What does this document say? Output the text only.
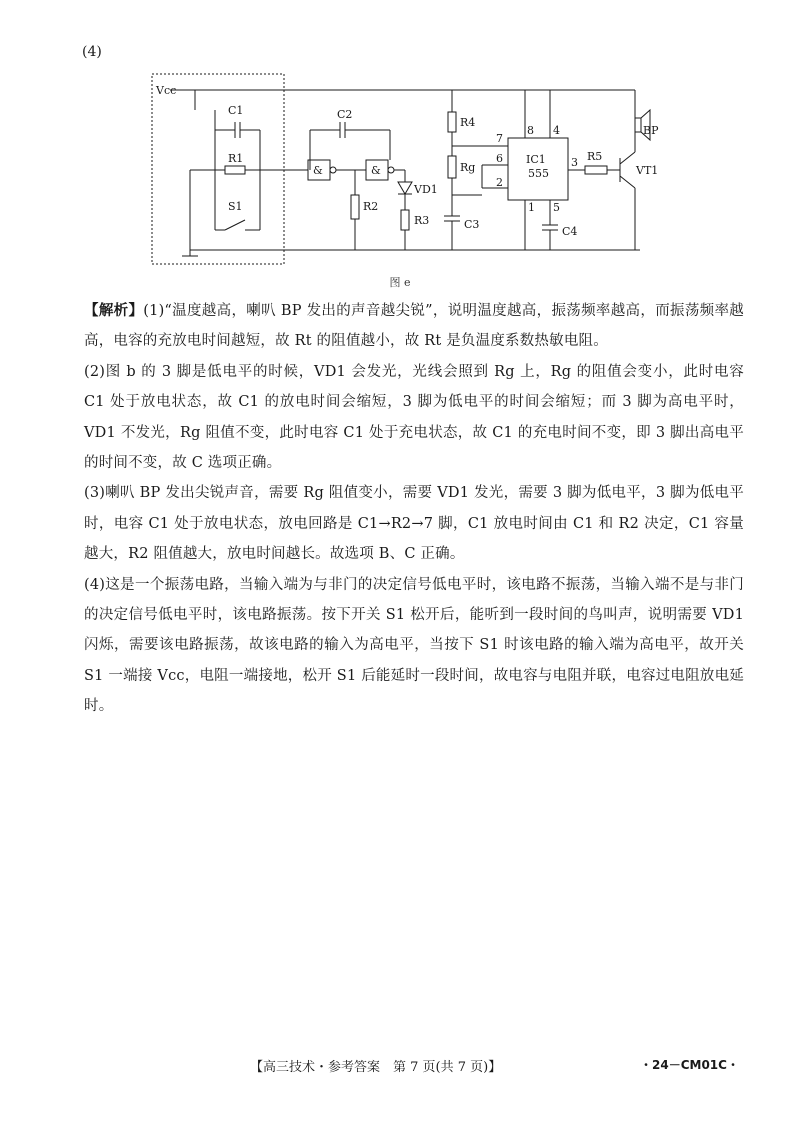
(4)
Vcc
C1
R1
S1
C2
&	&
R2
VD1
R3
R4
Rg
C3
IC1
555
C4
R5
VT1
BP
7
8 4
6
2
3
1 5
图 e

【解析】(1)“温度越高，喇叭 BP 发出的声音越尖锐”，说明温度越高，振荡频率越高，而振荡频率越高，电容的充放电时间越短，故 Rt 的阻值越小，故 Rt 是负温度系数热敏电阻。

(2)图 b 的 3 脚是低电平的时候，VD1 会发光，光线会照到 Rg 上，Rg 的阻值会变小，此时电容 C1 处于放电状态，故 C1 的放电时间会缩短，3 脚为低电平的时间会缩短；而 3 脚为高电平时，VD1 不发光，Rg 阻值不变，此时电容 C1 处于充电状态，故 C1 的充电时间不变，即 3 脚出高电平的时间不变，故 C 选项正确。

(3)喇叭 BP 发出尖锐声音，需要 Rg 阻值变小，需要 VD1 发光，需要 3 脚为低电平，3 脚为低电平时，电容 C1 处于放电状态，放电回路是 C1→R2→7 脚，C1 放电时间由 C1 和 R2 决定，C1 容量越大，R2 阻值越大，放电时间越长。故选项 B、C 正确。

(4)这是一个振荡电路，当输入端为与非门的决定信号低电平时，该电路不振荡，当输入端不是与非门的决定信号低电平时，该电路振荡。按下开关 S1 松开后，能听到一段时间的鸟叫声，说明需要 VD1 闪烁，需要该电路振荡，故该电路的输入为高电平，当按下 S1 时该电路的输入端为高电平，故开关 S1 一端接 Vcc，电阻一端接地，松开 S1 后能延时一段时间，故电容与电阻并联，电容过电阻放电延时。

【高三技术・参考答案　第 7 页(共 7 页)】	・24－CM01C・
